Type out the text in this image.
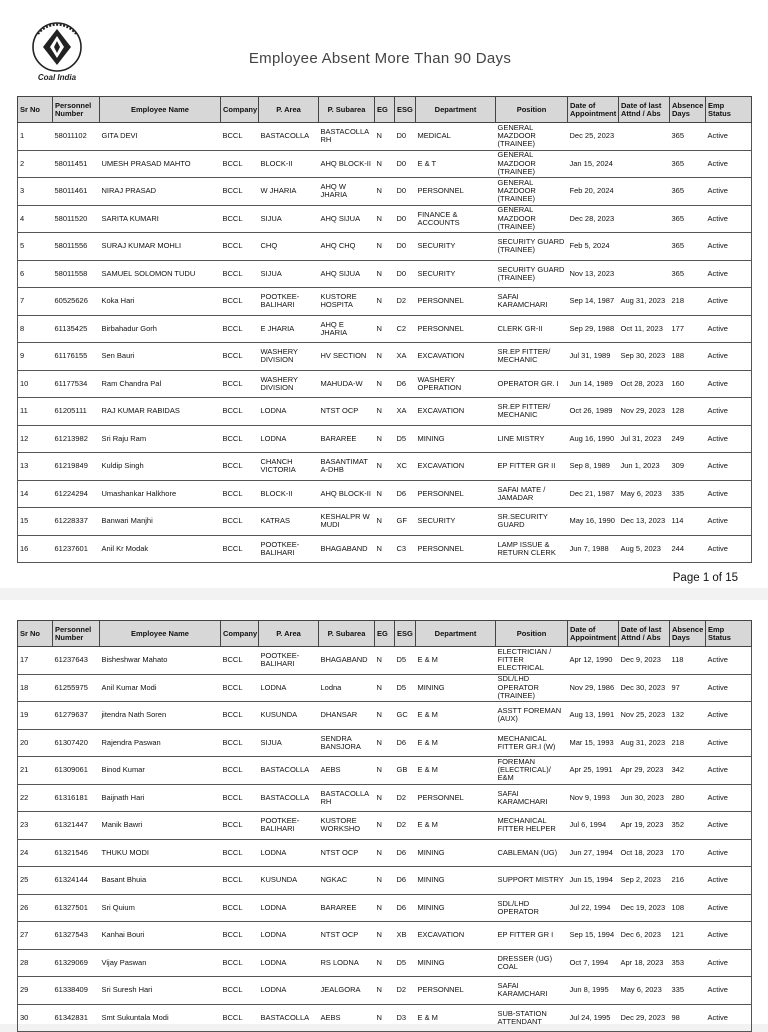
Coal India
Employee Absent More Than 90 Days
Sr No	Personnel Number	Employee Name	Company	P. Area	P. Subarea	EG	ESG	Department	Position	Date of Appointment	Date of last Attnd / Abs	Absence Days	Emp Status
1	58011102	GITA DEVI	BCCL	BASTACOLLA	BASTACOLLA RH	N	D0	MEDICAL	GENERAL MAZDOOR (TRAINEE)	Dec 25, 2023		365	Active
2	58011451	UMESH PRASAD MAHTO	BCCL	BLOCK-II	AHQ BLOCK-II	N	D0	E & T	GENERAL MAZDOOR (TRAINEE)	Jan 15, 2024		365	Active
3	58011461	NIRAJ PRASAD	BCCL	W JHARIA	AHQ W JHARIA	N	D0	PERSONNEL	GENERAL MAZDOOR (TRAINEE)	Feb 20, 2024		365	Active
4	58011520	SARITA KUMARI	BCCL	SIJUA	AHQ SIJUA	N	D0	FINANCE & ACCOUNTS	GENERAL MAZDOOR (TRAINEE)	Dec 28, 2023		365	Active
5	58011556	SURAJ KUMAR MOHLI	BCCL	CHQ	AHQ CHQ	N	D0	SECURITY	SECURITY GUARD (TRAINEE)	Feb 5, 2024		365	Active
6	58011558	SAMUEL SOLOMON TUDU	BCCL	SIJUA	AHQ SIJUA	N	D0	SECURITY	SECURITY GUARD (TRAINEE)	Nov 13, 2023		365	Active
7	60525626	Koka Hari	BCCL	POOTKEE-BALIHARI	KUSTORE HOSPITA	N	D2	PERSONNEL	SAFAI KARAMCHARI	Sep 14, 1987	Aug 31, 2023	218	Active
8	61135425	Birbahadur Gorh	BCCL	E JHARIA	AHQ E JHARIA	N	C2	PERSONNEL	CLERK GR-II	Sep 29, 1988	Oct 11, 2023	177	Active
9	61176155	Sen Bauri	BCCL	WASHERY DIVISION	HV SECTION	N	XA	EXCAVATION	SR.EP FITTER/ MECHANIC	Jul 31, 1989	Sep 30, 2023	188	Active
10	61177534	Ram Chandra Pal	BCCL	WASHERY DIVISION	MAHUDA-W	N	D6	WASHERY OPERATION	OPERATOR GR. I	Jun 14, 1989	Oct 28, 2023	160	Active
11	61205111	RAJ KUMAR RABIDAS	BCCL	LODNA	NTST OCP	N	XA	EXCAVATION	SR.EP FITTER/ MECHANIC	Oct 26, 1989	Nov 29, 2023	128	Active
12	61213982	Sri Raju Ram	BCCL	LODNA	BARAREE	N	D5	MINING	LINE MISTRY	Aug 16, 1990	Jul 31, 2023	249	Active
13	61219849	Kuldip Singh	BCCL	CHANCH VICTORIA	BASANTIMAT A-DHB	N	XC	EXCAVATION	EP FITTER GR II	Sep 8, 1989	Jun 1, 2023	309	Active
14	61224294	Umashankar Halkhore	BCCL	BLOCK-II	AHQ BLOCK-II	N	D6	PERSONNEL	SAFAI MATE / JAMADAR	Dec 21, 1987	May 6, 2023	335	Active
15	61228337	Banwari Manjhi	BCCL	KATRAS	KESHALPR W MUDI	N	GF	SECURITY	SR.SECURITY GUARD	May 16, 1990	Dec 13, 2023	114	Active
16	61237601	Anil Kr Modak	BCCL	POOTKEE-BALIHARI	BHAGABAND	N	C3	PERSONNEL	LAMP ISSUE & RETURN CLERK	Jun 7, 1988	Aug 5, 2023	244	Active
Page 1 of 15
Sr No	Personnel Number	Employee Name	Company	P. Area	P. Subarea	EG	ESG	Department	Position	Date of Appointment	Date of last Attnd / Abs	Absence Days	Emp Status
17	61237643	Bisheshwar Mahato	BCCL	POOTKEE-BALIHARI	BHAGABAND	N	D5	E & M	ELECTRICIAN / FITTER ELECTRICAL	Apr 12, 1990	Dec 9, 2023	118	Active
18	61255975	Anil Kumar Modi	BCCL	LODNA	Lodna	N	D5	MINING	SDL/LHD OPERATOR (TRAINEE)	Nov 29, 1986	Dec 30, 2023	97	Active
19	61279637	jitendra Nath Soren	BCCL	KUSUNDA	DHANSAR	N	GC	E & M	ASSTT FOREMAN (AUX)	Aug 13, 1991	Nov 25, 2023	132	Active
20	61307420	Rajendra Paswan	BCCL	SIJUA	SENDRA BANSJORA	N	D6	E & M	MECHANICAL FITTER GR.I (W)	Mar 15, 1993	Aug 31, 2023	218	Active
21	61309061	Binod Kumar	BCCL	BASTACOLLA	AEBS	N	GB	E & M	FOREMAN (ELECTRICAL)/ E&M	Apr 25, 1991	Apr 29, 2023	342	Active
22	61316181	Baijnath Hari	BCCL	BASTACOLLA	BASTACOLLA RH	N	D2	PERSONNEL	SAFAI KARAMCHARI	Nov 9, 1993	Jun 30, 2023	280	Active
23	61321447	Manik Bawri	BCCL	POOTKEE-BALIHARI	KUSTORE WORKSHO	N	D2	E & M	MECHANICAL FITTER HELPER	Jul 6, 1994	Apr 19, 2023	352	Active
24	61321546	THUKU MODI	BCCL	LODNA	NTST OCP	N	D6	MINING	CABLEMAN (UG)	Jun 27, 1994	Oct 18, 2023	170	Active
25	61324144	Basant Bhuia	BCCL	KUSUNDA	NGKAC	N	D6	MINING	SUPPORT MISTRY	Jun 15, 1994	Sep 2, 2023	216	Active
26	61327501	Sri Quium	BCCL	LODNA	BARAREE	N	D6	MINING	SDL/LHD OPERATOR	Jul 22, 1994	Dec 19, 2023	108	Active
27	61327543	Kanhai Bouri	BCCL	LODNA	NTST OCP	N	XB	EXCAVATION	EP FITTER GR I	Sep 15, 1994	Dec 6, 2023	121	Active
28	61329069	Vijay Paswan	BCCL	LODNA	RS LODNA	N	D5	MINING	DRESSER (UG) COAL	Oct 7, 1994	Apr 18, 2023	353	Active
29	61338409	Sri Suresh Hari	BCCL	LODNA	JEALGORA	N	D2	PERSONNEL	SAFAI KARAMCHARI	Jun 8, 1995	May 6, 2023	335	Active
30	61342831	Smt Sukuntala Modi	BCCL	BASTACOLLA	AEBS	N	D3	E & M	SUB-STATION ATTENDANT	Jul 24, 1995	Dec 29, 2023	98	Active
